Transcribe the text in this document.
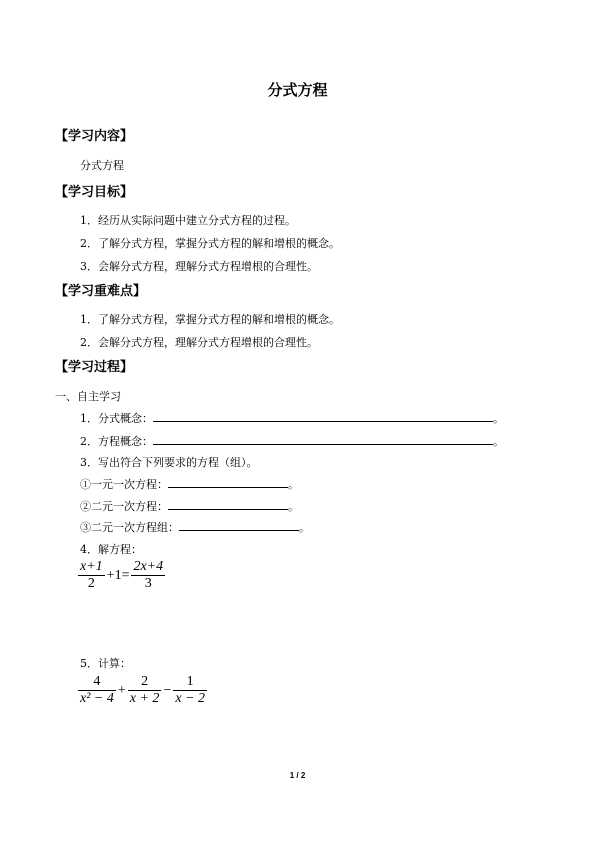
分式方程
【学习内容】
分式方程
【学习目标】
1．经历从实际问题中建立分式方程的过程。
2．了解分式方程，掌握分式方程的解和增根的概念。
3．会解分式方程，理解分式方程增根的合理性。
【学习重难点】
1．了解分式方程，掌握分式方程的解和增根的概念。
2．会解分式方程，理解分式方程增根的合理性。
【学习过程】
一、自主学习
1．分式概念：	。
2．方程概念：	。
3．写出符合下列要求的方程（组）。
①一元一次方程：	。
②二元一次方程：	。
③二元一次方程组：	。
4．解方程：
$\frac{x+1}{2} +1= \frac{2x+4}{3}$
5．计算：
$\frac{4}{\text{x² − 4}} + \frac{2}{x + 2} - \frac{1}{x - 2}$
1 / 2
